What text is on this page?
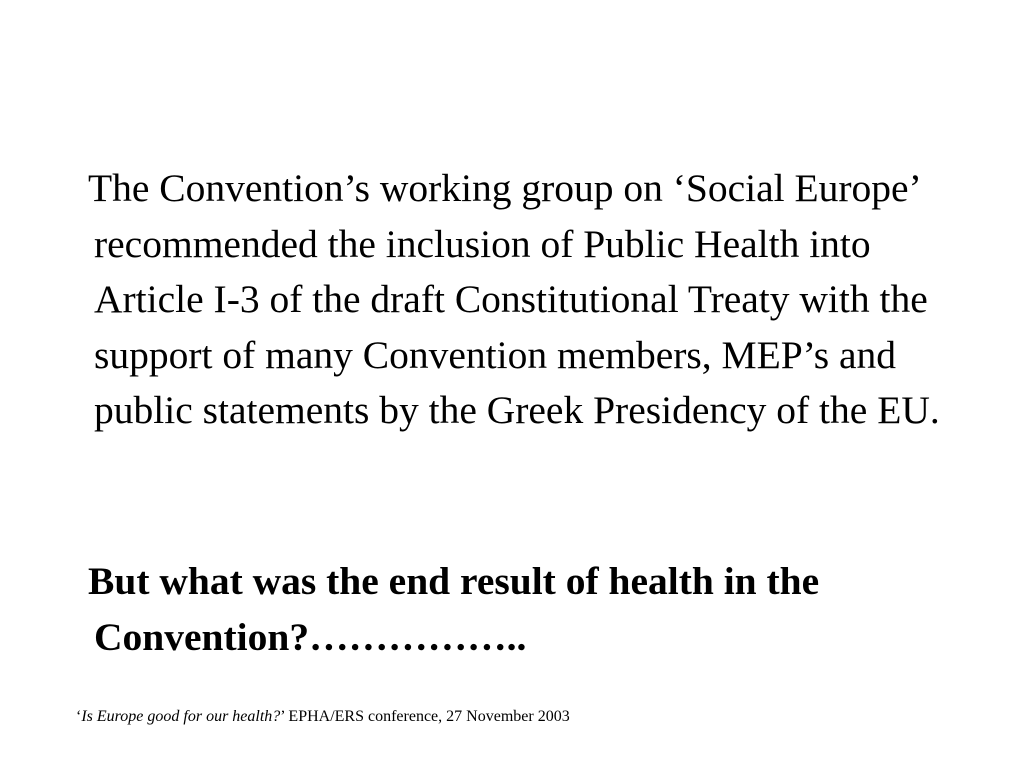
The Convention’s working group on ‘Social Europe’ recommended the inclusion of Public Health into Article I-3 of the draft Constitutional Treaty with the support of many Convention members, MEP’s and public statements by the Greek Presidency of the EU.

But what was the end result of health in the Convention?……………..

‘Is Europe good for our health?’ EPHA/ERS conference, 27 November 2003
